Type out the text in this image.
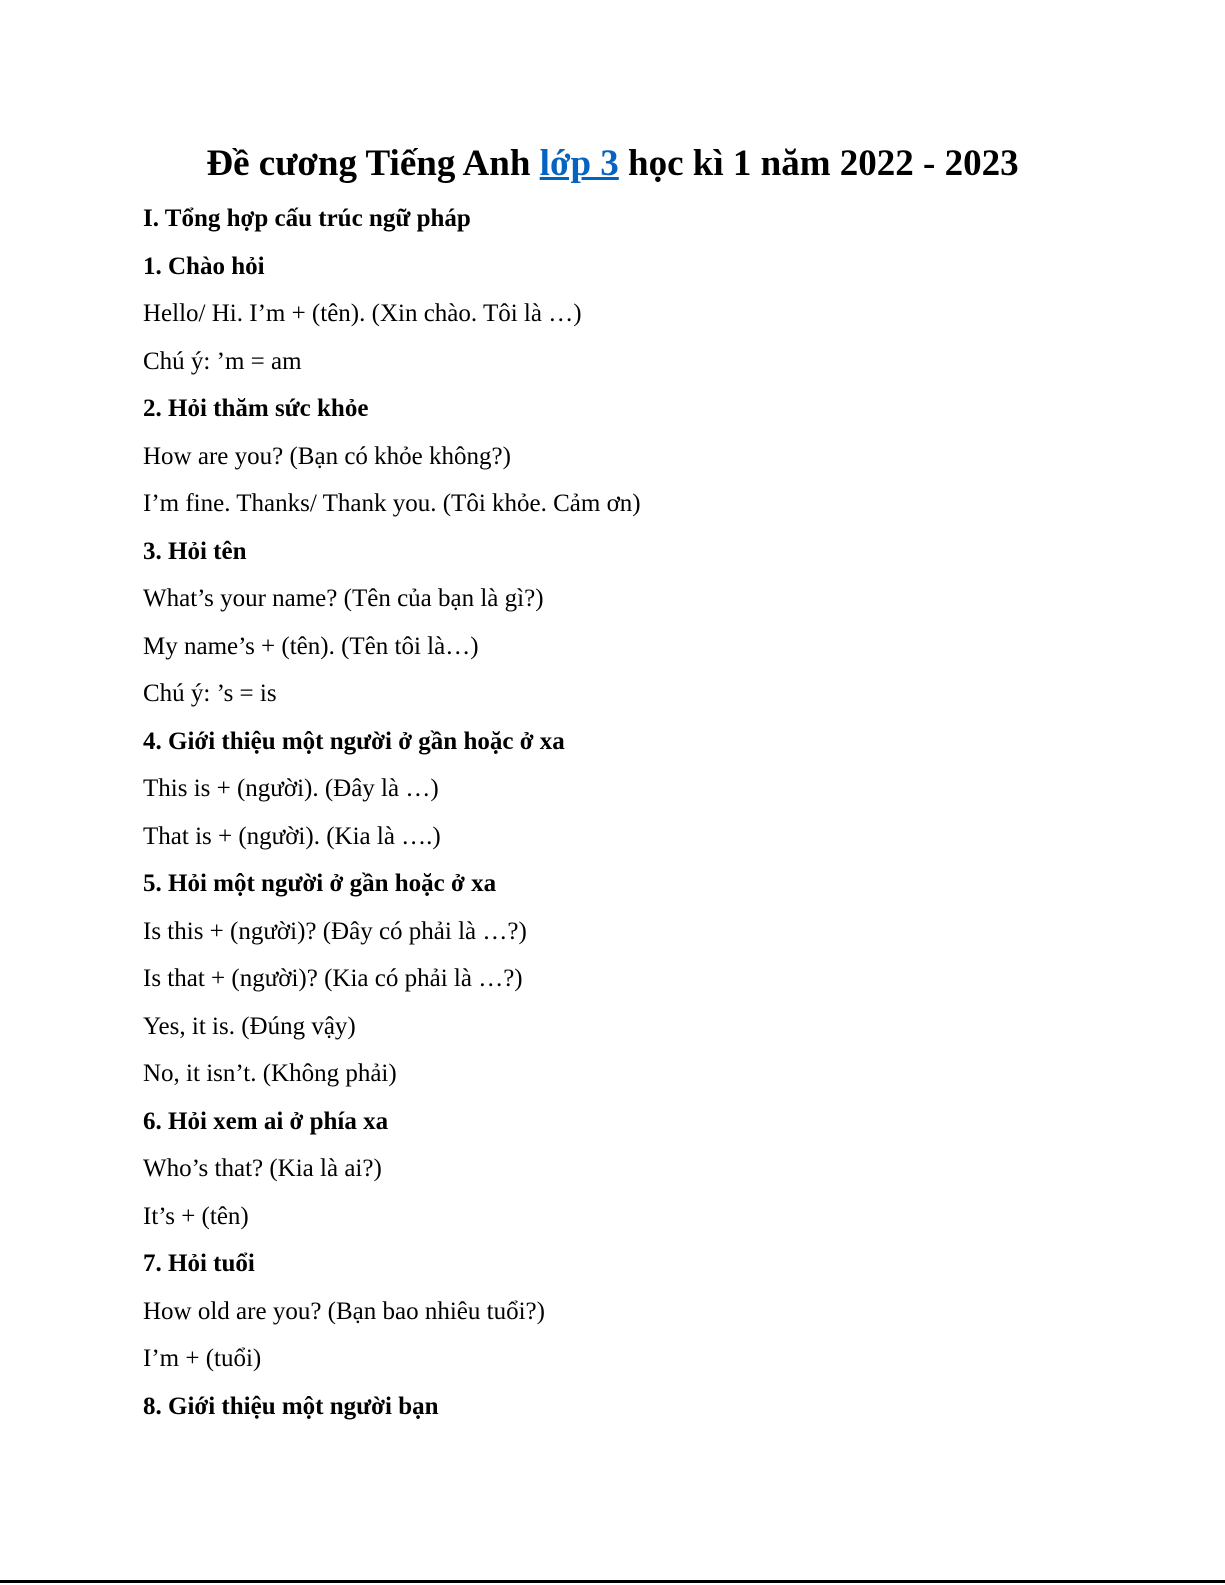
Đề cương Tiếng Anh lớp 3 học kì 1 năm 2022 - 2023
I. Tổng hợp cấu trúc ngữ pháp
1. Chào hỏi
Hello/ Hi. I’m + (tên). (Xin chào. Tôi là …)
Chú ý: ’m = am
2. Hỏi thăm sức khỏe
How are you? (Bạn có khỏe không?)
I’m fine. Thanks/ Thank you. (Tôi khỏe. Cảm ơn)
3. Hỏi tên
What’s your name? (Tên của bạn là gì?)
My name’s + (tên). (Tên tôi là…)
Chú ý: ’s = is
4. Giới thiệu một người ở gần hoặc ở xa
This is + (người). (Đây là …)
That is + (người). (Kia là ….)
5. Hỏi một người ở gần hoặc ở xa
Is this + (người)? (Đây có phải là …?)
Is that + (người)? (Kia có phải là …?)
Yes, it is. (Đúng vậy)
No, it isn’t. (Không phải)
6. Hỏi xem ai ở phía xa
Who’s that? (Kia là ai?)
It’s + (tên)
7. Hỏi tuổi
How old are you? (Bạn bao nhiêu tuổi?)
I’m + (tuổi)
8. Giới thiệu một người bạn
